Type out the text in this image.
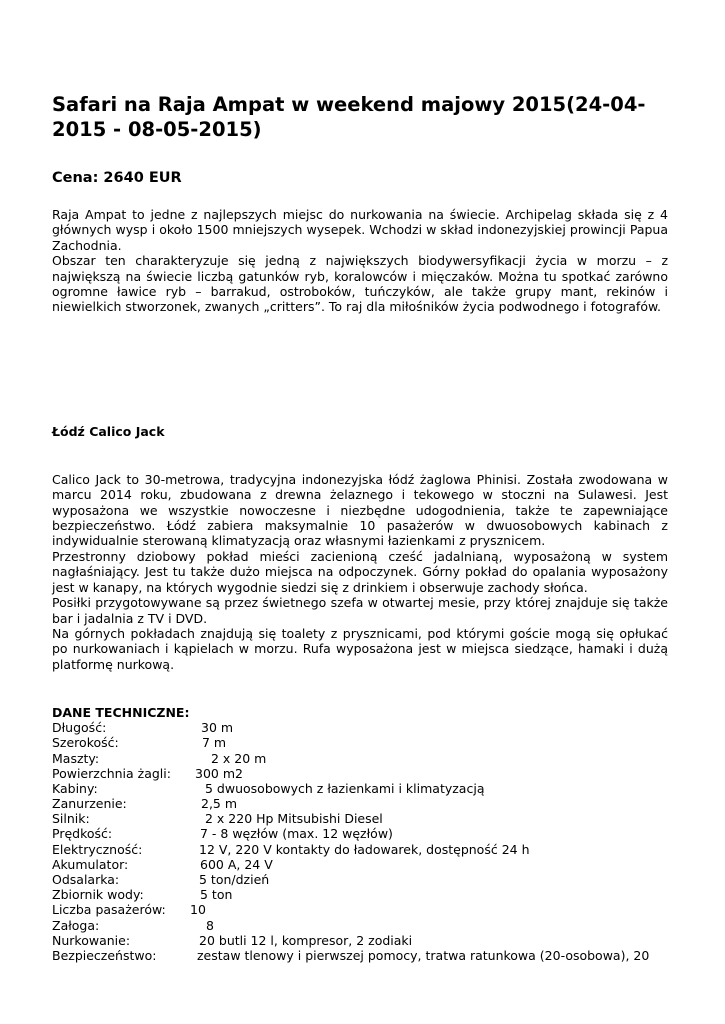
Safari na Raja Ampat w weekend majowy 2015(24-04-2015 - 08-05-2015)

Cena: 2640 EUR

Raja Ampat to jedne z najlepszych miejsc do nurkowania na świecie. Archipelag składa się z 4 głównych wysp i około 1500 mniejszych wysepek. Wchodzi w skład indonezyjskiej prowincji Papua Zachodnia.

Obszar ten charakteryzuje się jedną z największych biodywersyfikacji życia w morzu – z największą na świecie liczbą gatunków ryb, koralowców i mięczaków. Można tu spotkać zarówno ogromne ławice ryb – barrakud, ostroboków, tuńczyków, ale także grupy mant, rekinów i niewielkich stworzonek, zwanych „critters”. To raj dla miłośników życia podwodnego i fotografów.

Łódź Calico Jack

Calico Jack to 30-metrowa, tradycyjna indonezyjska łódź żaglowa Phinisi. Została zwodowana w marcu 2014 roku, zbudowana z drewna żelaznego i tekowego w stoczni na Sulawesi. Jest wyposażona we wszystkie nowoczesne i niezbędne udogodnienia, także te zapewniające bezpieczeństwo. Łódź zabiera maksymalnie 10 pasażerów w dwuosobowych kabinach z indywidualnie sterowaną klimatyzacją oraz własnymi łazienkami z prysznicem.

Przestronny dziobowy pokład mieści zacienioną cześć jadalnianą, wyposażoną w system nagłaśniający. Jest tu także dużo miejsca na odpoczynek. Górny pokład do opalania wyposażony jest w kanapy, na których wygodnie siedzi się z drinkiem i obserwuje zachody słońca.

Posiłki przygotowywane są przez świetnego szefa w otwartej mesie, przy której znajduje się także bar i jadalnia z TV i DVD.

Na górnych pokładach znajdują się toalety z prysznicami, pod którymi goście mogą się opłukać po nurkowaniach i kąpielach w morzu. Rufa wyposażona jest w miejsca siedzące, hamaki i dużą platformę nurkową.

DANE TECHNICZNE:

Długość:	30 m
Szerokość:	7 m
Maszty:	2 x 20 m
Powierzchnia żagli: 300 m2
Kabiny:	5 dwuosobowych z łazienkami i klimatyzacją
Zanurzenie:	2,5 m
Silnik:	2 x 220 Hp Mitsubishi Diesel
Prędkość:	7 - 8 węzłów (max. 12 węzłów)
Elektryczność:	12 V, 220 V kontakty do ładowarek, dostępność 24 h
Akumulator:	600 A, 24 V
Odsalarka:	5 ton/dzień
Zbiornik wody:	5 ton
Liczba pasażerów: 10
Załoga:	8
Nurkowanie:	20 butli 12 l, kompresor, 2 zodiaki
Bezpieczeństwo:	zestaw tlenowy i pierwszej pomocy, tratwa ratunkowa (20-osobowa), 20
